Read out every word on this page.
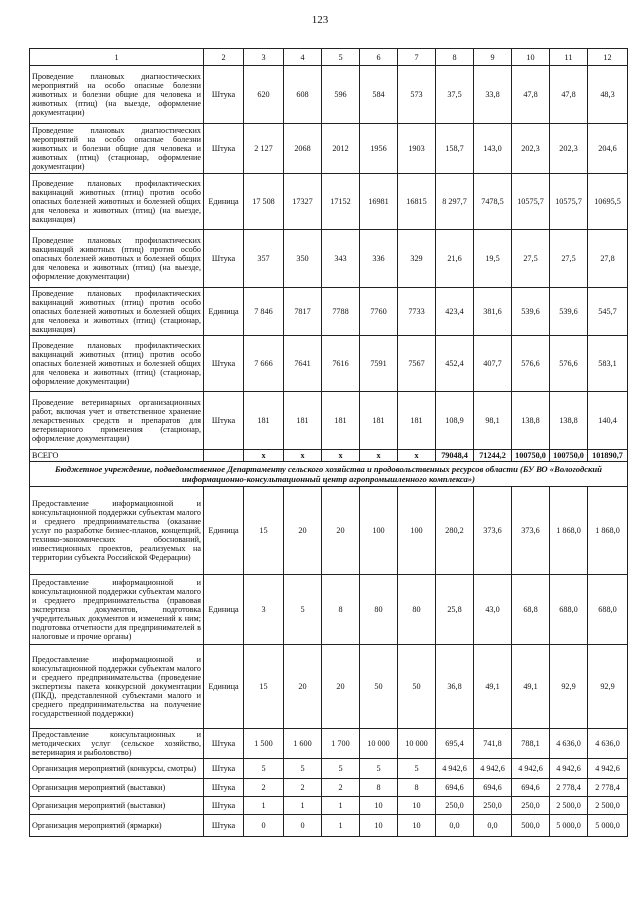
123
1	2	3	4	5	6	7	8	9	10	11	12
Проведение плановых диагностических мероприятий на особо опасные болезни животных и болезни общие для человека и животных (птиц) (на выезде, оформление документации)	Штука	620	608	596	584	573	37,5	33,8	47,8	47,8	48,3
Проведение плановых диагностических мероприятий на особо опасные болезни животных и болезни общие для человека и животных (птиц) (стационар, оформление документации)	Штука	2 127	2068	2012	1956	1903	158,7	143,0	202,3	202,3	204,6
Проведение плановых профилактических вакцинаций животных (птиц) против особо опасных болезней животных и болезней общих для человека и животных (птиц) (на выезде, вакцинация)	Единица	17 508	17327	17152	16981	16815	8 297,7	7478,5	10575,7	10575,7	10695,5
Проведение плановых профилактических вакцинаций животных (птиц) против особо опасных болезней животных и болезней общих для человека и животных (птиц) (на выезде, оформление документации)	Штука	357	350	343	336	329	21,6	19,5	27,5	27,5	27,8
Проведение плановых профилактических вакцинаций животных (птиц) против особо опасных болезней животных и болезней общих для человека и животных (птиц) (стационар, вакцинация)	Единица	7 846	7817	7788	7760	7733	423,4	381,6	539,6	539,6	545,7
Проведение плановых профилактических вакцинаций животных (птиц) против особо опасных болезней животных и болезней общих для человека и животных (птиц) (стационар, оформление документации)	Штука	7 666	7641	7616	7591	7567	452,4	407,7	576,6	576,6	583,1
Проведение ветеринарных организационных работ, включая учет и ответственное хранение лекарственных средств и препаратов для ветеринарного применения (стационар, оформление документации)	Штука	181	181	181	181	181	108,9	98,1	138,8	138,8	140,4
ВСЕГО		x	x	x	x	x	79048,4	71244,2	100750,0	100750,0	101890,7
Бюджетное учреждение, подведомственное Департаменту сельского хозяйства и продовольственных ресурсов области (БУ ВО «Вологодский информационно-консультационный центр агропромышленного комплекса»)											
Предоставление информационной и консультационной поддержки субъектам малого и среднего предпринимательства (оказание услуг по разработке бизнес-планов, концепций, технико-экономических обоснований, инвестиционных проектов, реализуемых на территории субъекта Российской Федерации)	Единица	15	20	20	100	100	280,2	373,6	373,6	1 868,0	1 868,0
Предоставление информационной и консультационной поддержки субъектам малого и среднего предпринимательства (правовая экспертиза документов, подготовка учредительных документов и изменений к ним; подготовка отчетности для предпринимателей в налоговые и прочие органы)	Единица	3	5	8	80	80	25,8	43,0	68,8	688,0	688,0
Предоставление информационной и консультационной поддержки субъектам малого и среднего предпринимательства (проведение экспертизы пакета конкурсной документации (ПКД), представленной субъектами малого и среднего предпринимательства на получение государственной поддержки)	Единица	15	20	20	50	50	36,8	49,1	49,1	92,9	92,9
Предоставление консультационных и методических услуг (сельское хозяйство, ветеринария и рыболовство)	Штука	1 500	1 600	1 700	10 000	10 000	695,4	741,8	788,1	4 636,0	4 636,0
Организация мероприятий (конкурсы, смотры)	Штука	5	5	5	5	5	4 942,6	4 942,6	4 942,6	4 942,6	4 942,6
Организация мероприятий (выставки)	Штука	2	2	2	8	8	694,6	694,6	694,6	2 778,4	2 778,4
Организация мероприятий (выставки)	Штука	1	1	1	10	10	250,0	250,0	250,0	2 500,0	2 500,0
Организация мероприятий (ярмарки)	Штука	0	0	1	10	10	0,0	0,0	500,0	5 000,0	5 000,0
